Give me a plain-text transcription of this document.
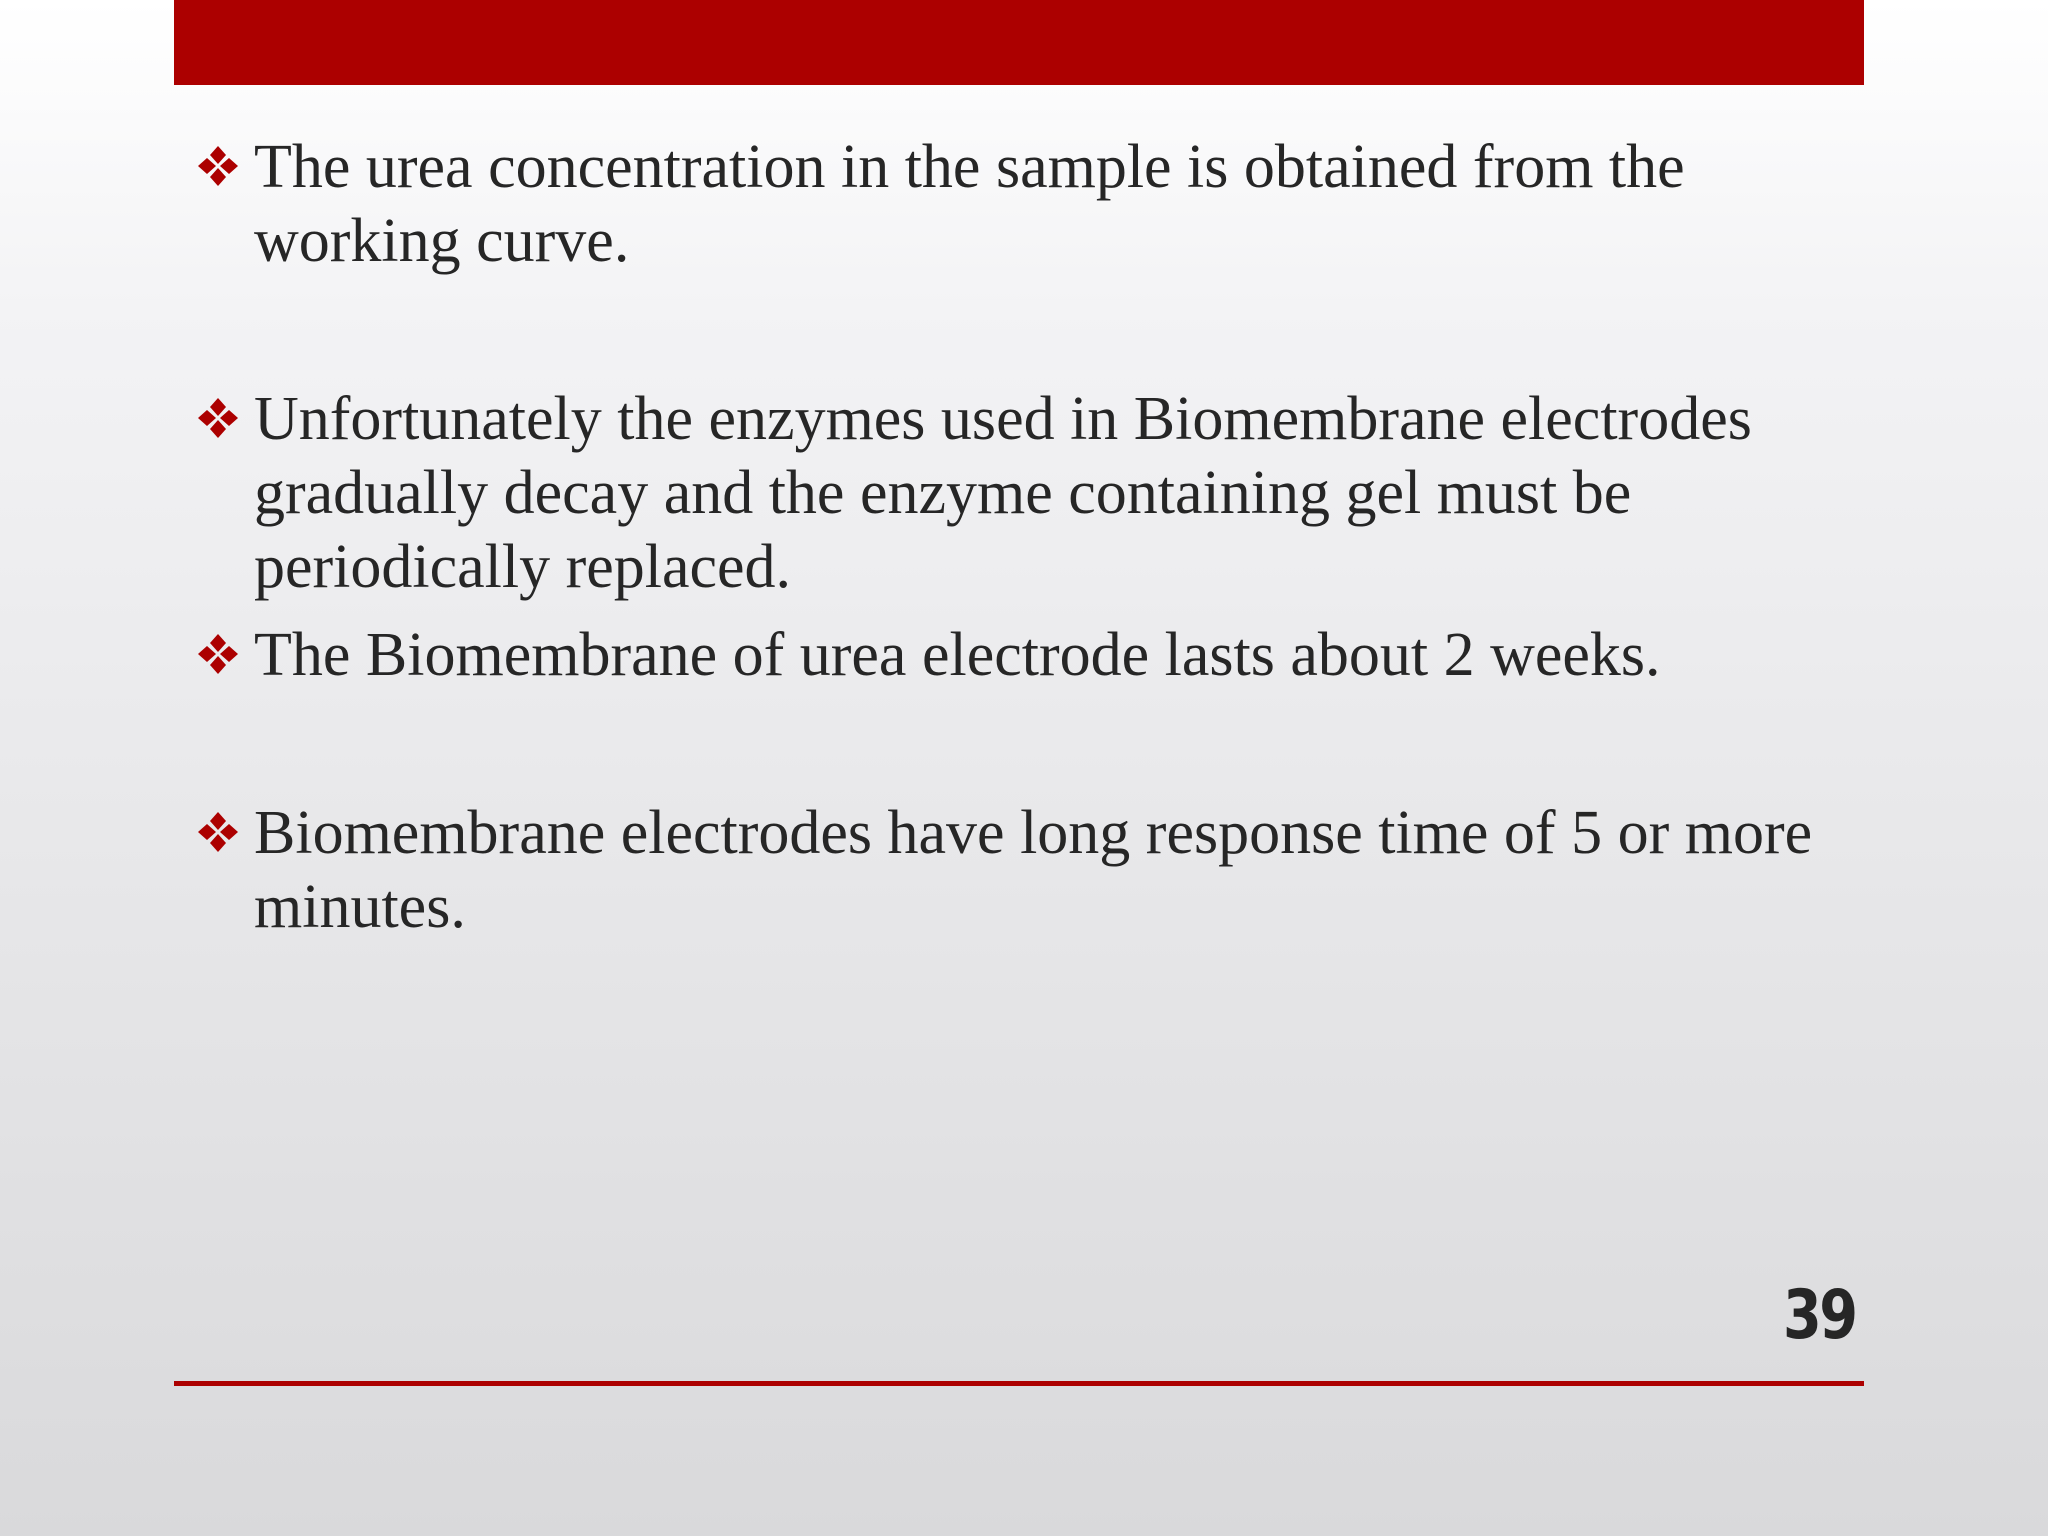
The urea concentration in the sample is obtained from the working curve.
Unfortunately the enzymes used in Biomembrane electrodes gradually decay and the enzyme containing gel must be periodically replaced.
The Biomembrane of urea electrode lasts about 2 weeks.
Biomembrane electrodes have long response time of 5 or more minutes.
39
